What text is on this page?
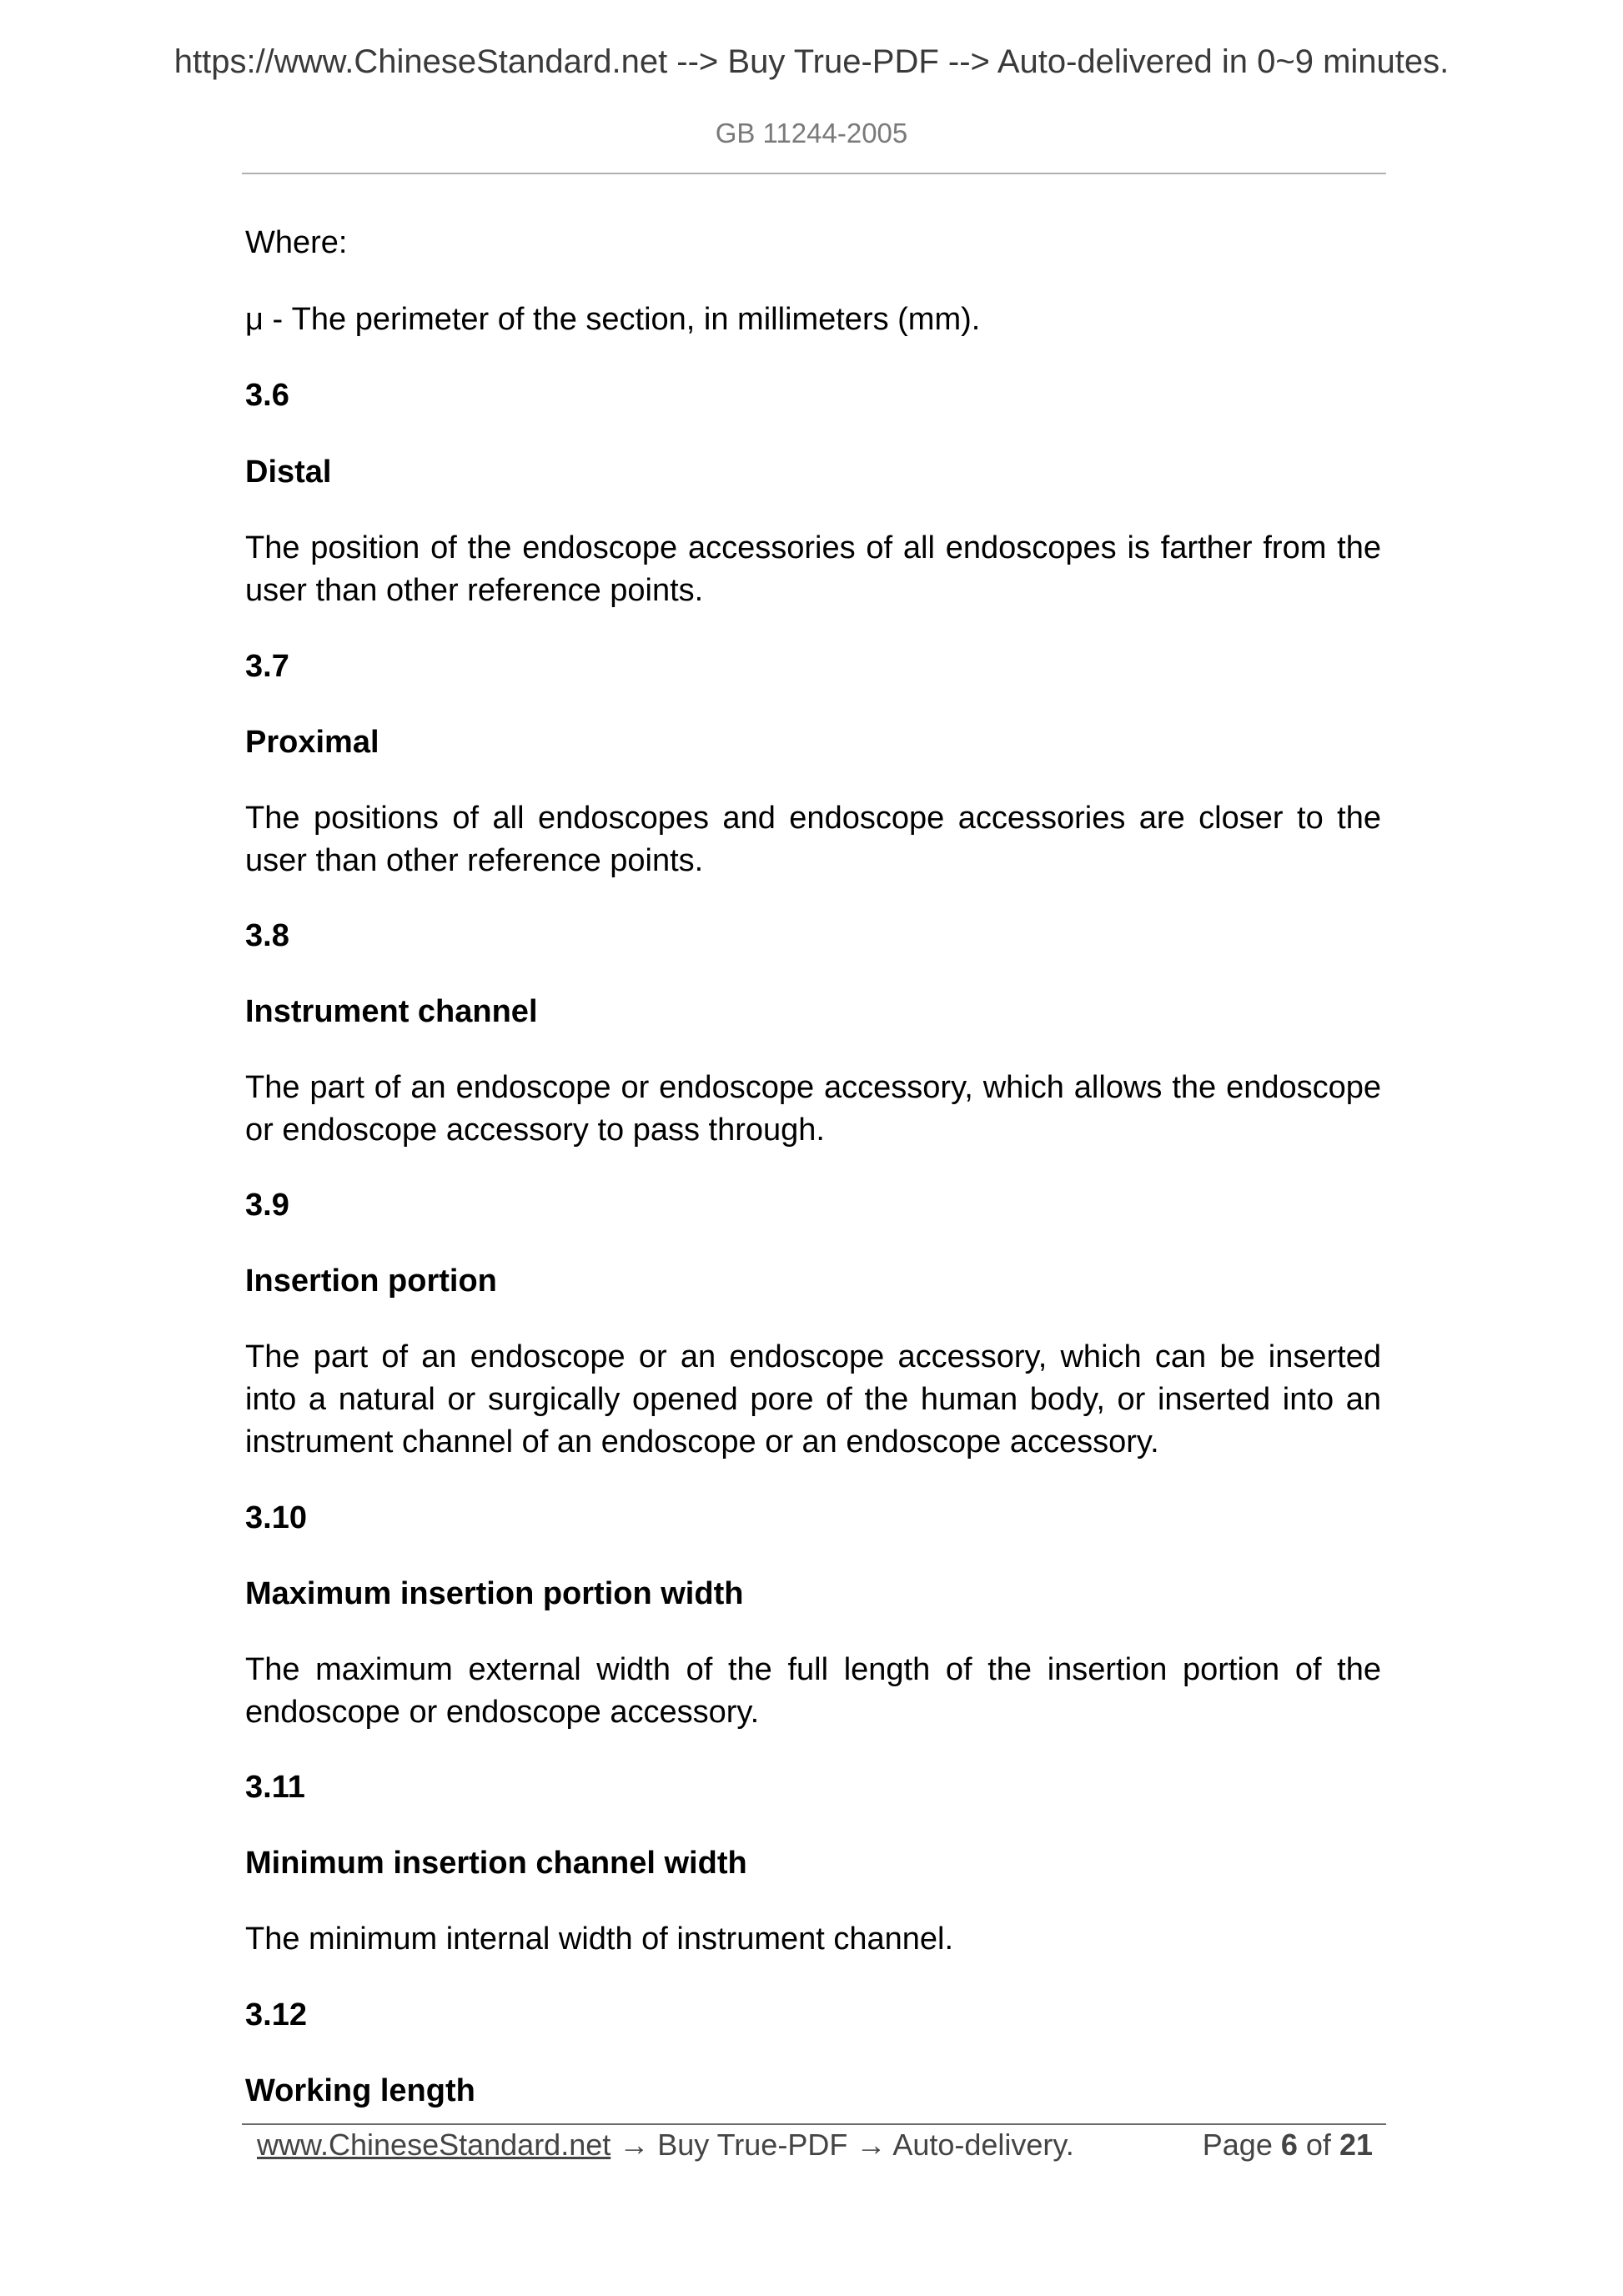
https://www.ChineseStandard.net --> Buy True-PDF --> Auto-delivered in 0~9 minutes.
GB 11244-2005

Where:

μ - The perimeter of the section, in millimeters (mm).

3.6

Distal

The position of the endoscope accessories of all endoscopes is farther from the user than other reference points.

3.7

Proximal

The positions of all endoscopes and endoscope accessories are closer to the user than other reference points.

3.8

Instrument channel

The part of an endoscope or endoscope accessory, which allows the endoscope or endoscope accessory to pass through.

3.9

Insertion portion

The part of an endoscope or an endoscope accessory, which can be inserted into a natural or surgically opened pore of the human body, or inserted into an instrument channel of an endoscope or an endoscope accessory.

3.10

Maximum insertion portion width

The maximum external width of the full length of the insertion portion of the endoscope or endoscope accessory.

3.11

Minimum insertion channel width

The minimum internal width of instrument channel.

3.12

Working length

www.ChineseStandard.net → Buy True-PDF → Auto-delivery.	Page 6 of 21
